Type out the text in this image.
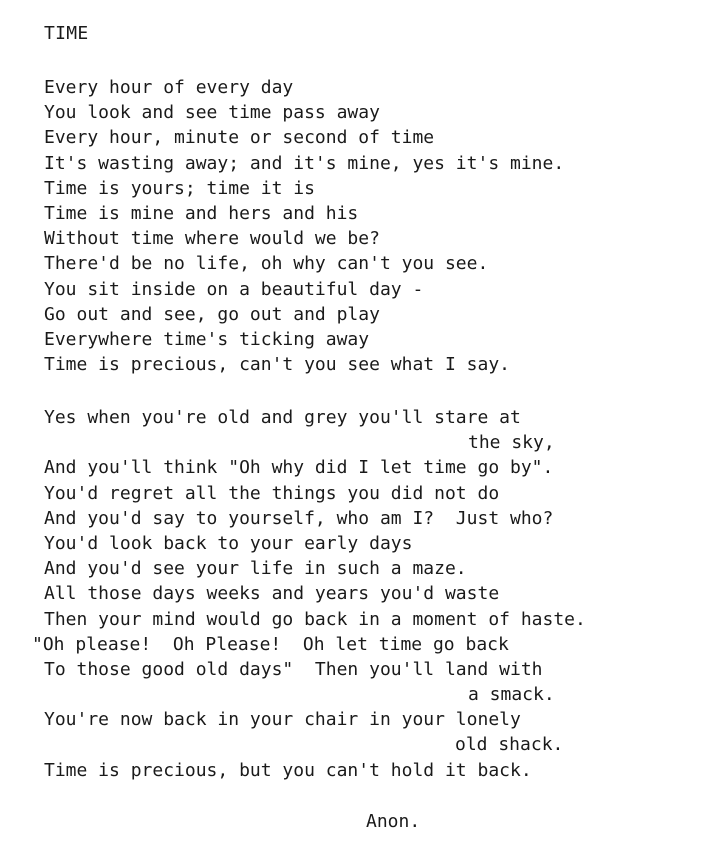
TIME
Every hour of every day
You look and see time pass away
Every hour, minute or second of time
It's wasting away; and it's mine, yes it's mine.
Time is yours; time it is
Time is mine and hers and his
Without time where would we be?
There'd be no life, oh why can't you see.
You sit inside on a beautiful day -
Go out and see, go out and play
Everywhere time's ticking away
Time is precious, can't you see what I say.
Yes when you're old and grey you'll stare at
the sky,
And you'll think "Oh why did I let time go by".
You'd regret all the things you did not do
And you'd say to yourself, who am I?  Just who?
You'd look back to your early days
And you'd see your life in such a maze.
All those days weeks and years you'd waste
Then your mind would go back in a moment of haste.
"Oh please!  Oh Please!  Oh let time go back
To those good old days"  Then you'll land with
a smack.
You're now back in your chair in your lonely
old shack.
Time is precious, but you can't hold it back.
Anon.
